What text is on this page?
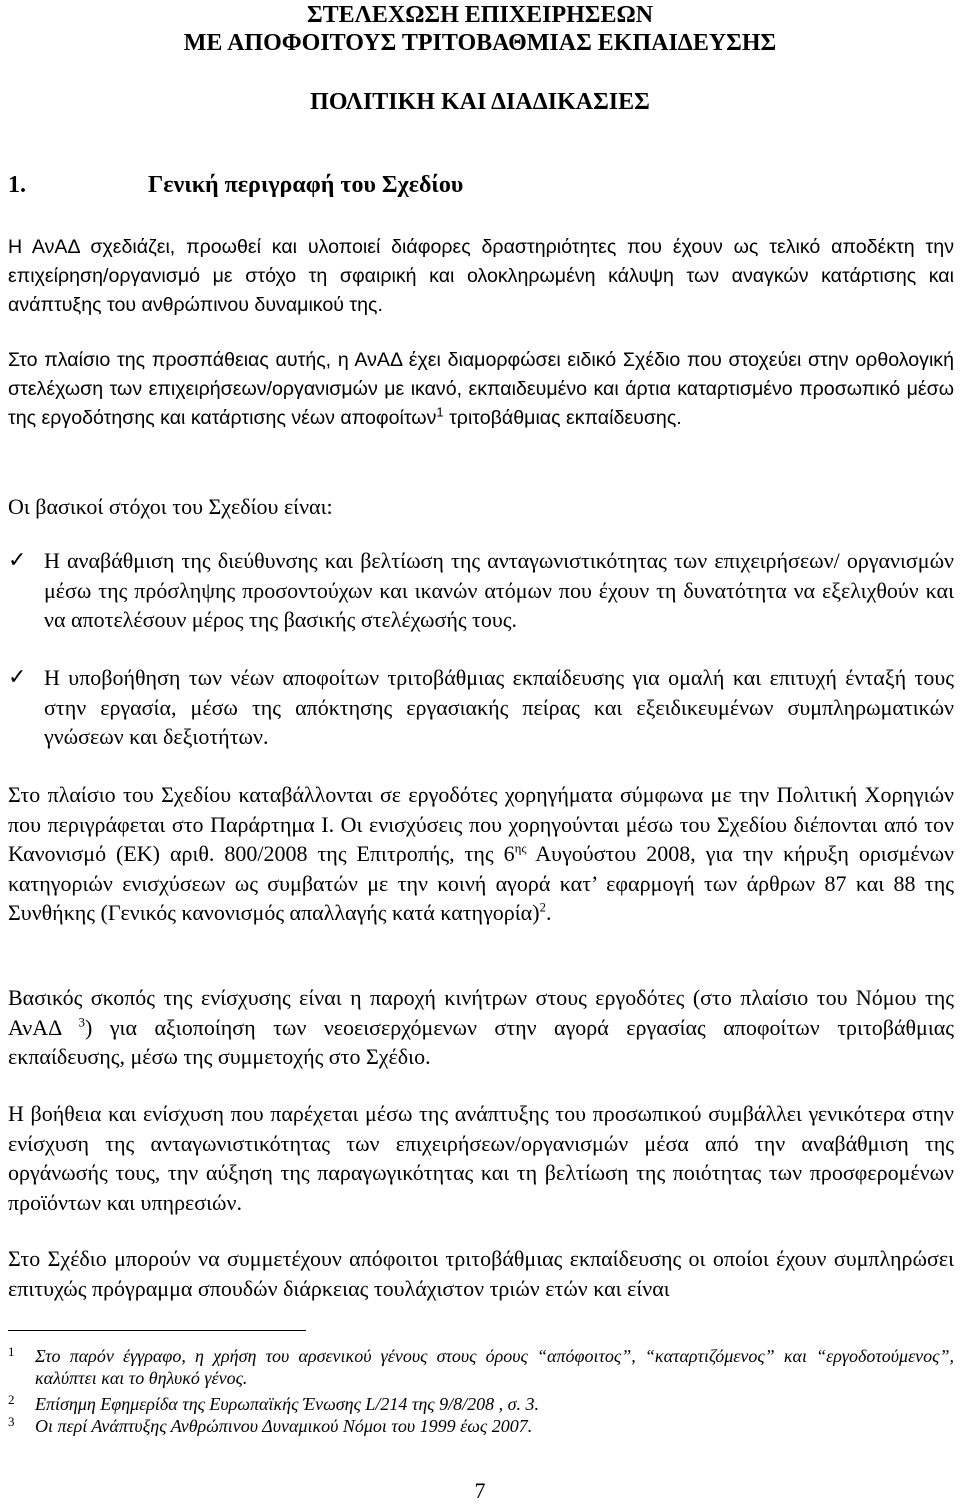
ΣΤΕΛΕΧΩΣΗ ΕΠΙΧΕΙΡΗΣΕΩΝ
ΜΕ ΑΠΟΦΟΙΤΟΥΣ ΤΡΙΤΟΒΑΘΜΙΑΣ ΕΚΠΑΙΔΕΥΣΗΣ
ΠΟΛΙΤΙΚΗ ΚΑΙ ΔΙΑΔΙΚΑΣΙΕΣ
1.	Γενική περιγραφή του Σχεδίου
Η ΑνΑΔ σχεδιάζει, προωθεί και υλοποιεί διάφορες δραστηριότητες που έχουν ως τελικό αποδέκτη την επιχείρηση/οργανισμό με στόχο τη σφαιρική και ολοκληρωμένη κάλυψη των αναγκών κατάρτισης και ανάπτυξης του ανθρώπινου δυναμικού της.
Στο πλαίσιο της προσπάθειας αυτής, η ΑνΑΔ έχει διαμορφώσει ειδικό Σχέδιο που στοχεύει στην ορθολογική στελέχωση των επιχειρήσεων/οργανισμών με ικανό, εκπαιδευμένο και άρτια καταρτισμένο προσωπικό μέσω της εργοδότησης και κατάρτισης νέων αποφοίτων$^1$ τριτοβάθμιας εκπαίδευσης.
Οι βασικοί στόχοι του Σχεδίου είναι:
✓ Η αναβάθμιση της διεύθυνσης και βελτίωση της ανταγωνιστικότητας των επιχειρήσεων/ οργανισμών μέσω της πρόσληψης προσοντούχων και ικανών ατόμων που έχουν τη δυνατότητα να εξελιχθούν και να αποτελέσουν μέρος της βασικής στελέχωσής τους.
✓ Η υποβοήθηση των νέων αποφοίτων τριτοβάθμιας εκπαίδευσης για ομαλή και επιτυχή ένταξή τους στην εργασία, μέσω της απόκτησης εργασιακής πείρας και εξειδικευμένων συμπληρωματικών γνώσεων και δεξιοτήτων.
Στο πλαίσιο του Σχεδίου καταβάλλονται σε εργοδότες χορηγήματα σύμφωνα με την Πολιτική Χορηγιών που περιγράφεται στο Παράρτημα Ι. Οι ενισχύσεις που χορηγούνται μέσω του Σχεδίου διέπονται από τον Κανονισμό (ΕΚ) αριθ. 800/2008 της Επιτροπής, της $6^{\eta\varsigma}$ Αυγούστου 2008, για την κήρυξη ορισμένων κατηγοριών ενισχύσεων ως συμβατών με την κοινή αγορά κατ’ εφαρμογή των άρθρων 87 και 88 της Συνθήκης (Γενικός κανονισμός απαλλαγής κατά κατηγορία)$^2$.
Βασικός σκοπός της ενίσχυσης είναι η παροχή κινήτρων στους εργοδότες (στο πλαίσιο του Νόμου της ΑνΑΔ $^3$) για αξιοποίηση των νεοεισερχόμενων στην αγορά εργασίας αποφοίτων τριτοβάθμιας εκπαίδευσης, μέσω της συμμετοχής στο Σχέδιο.
Η βοήθεια και ενίσχυση που παρέχεται μέσω της ανάπτυξης του προσωπικού συμβάλλει γενικότερα στην ενίσχυση της ανταγωνιστικότητας των επιχειρήσεων/οργανισμών μέσα από την αναβάθμιση της οργάνωσής τους, την αύξηση της παραγωγικότητας και τη βελτίωση της ποιότητας των προσφερομένων προϊόντων και υπηρεσιών.
Στο Σχέδιο μπορούν να συμμετέχουν απόφοιτοι τριτοβάθμιας εκπαίδευσης οι οποίοι έχουν συμπληρώσει επιτυχώς πρόγραμμα σπουδών διάρκειας τουλάχιστον τριών ετών και είναι
1 Στο παρόν έγγραφο, η χρήση του αρσενικού γένους στους όρους “απόφοιτος”, “καταρτιζόμενος” και “εργοδοτούμενος”, καλύπτει και το θηλυκό γένος.
2 Επίσημη Εφημερίδα της Ευρωπαϊκής Ένωσης L/214 της 9/8/208 , σ. 3.
3 Οι περί Ανάπτυξης Ανθρώπινου Δυναμικού Νόμοι του 1999 έως 2007.
7
